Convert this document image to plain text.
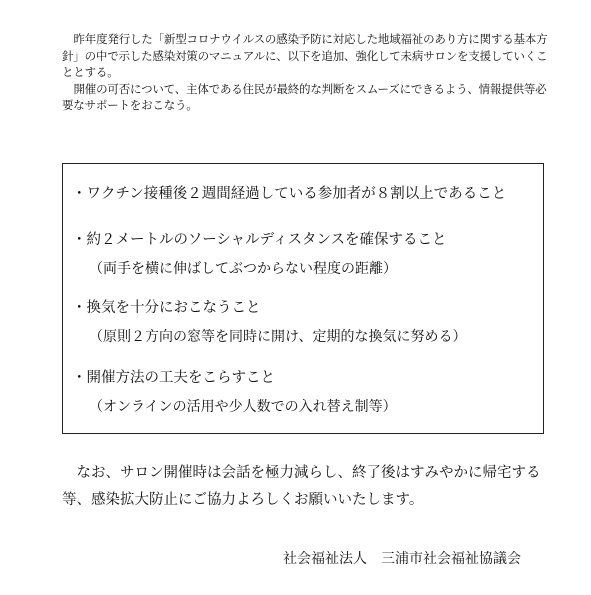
昨年度発行した「新型コロナウイルスの感染予防に対応した地域福祉のあり方に関する基本方針」の中で示した感染対策のマニュアルに、以下を追加、強化して未病サロンを支援していくこととする。

開催の可否について、主体である住民が最終的な判断をスムーズにできるよう、情報提供等必要なサポートをおこなう。

・ワクチン接種後２週間経過している参加者が８割以上であること
・約２メートルのソーシャルディスタンスを確保すること
（両手を横に伸ばしてぶつからない程度の距離）
・換気を十分におこなうこと
（原則２方向の窓等を同時に開け、定期的な換気に努める）
・開催方法の工夫をこらすこと
（オンラインの活用や少人数での入れ替え制等）

なお、サロン開催時は会話を極力減らし、終了後はすみやかに帰宅する等、感染拡大防止にご協力よろしくお願いいたします。

社会福祉法人　三浦市社会福祉協議会
